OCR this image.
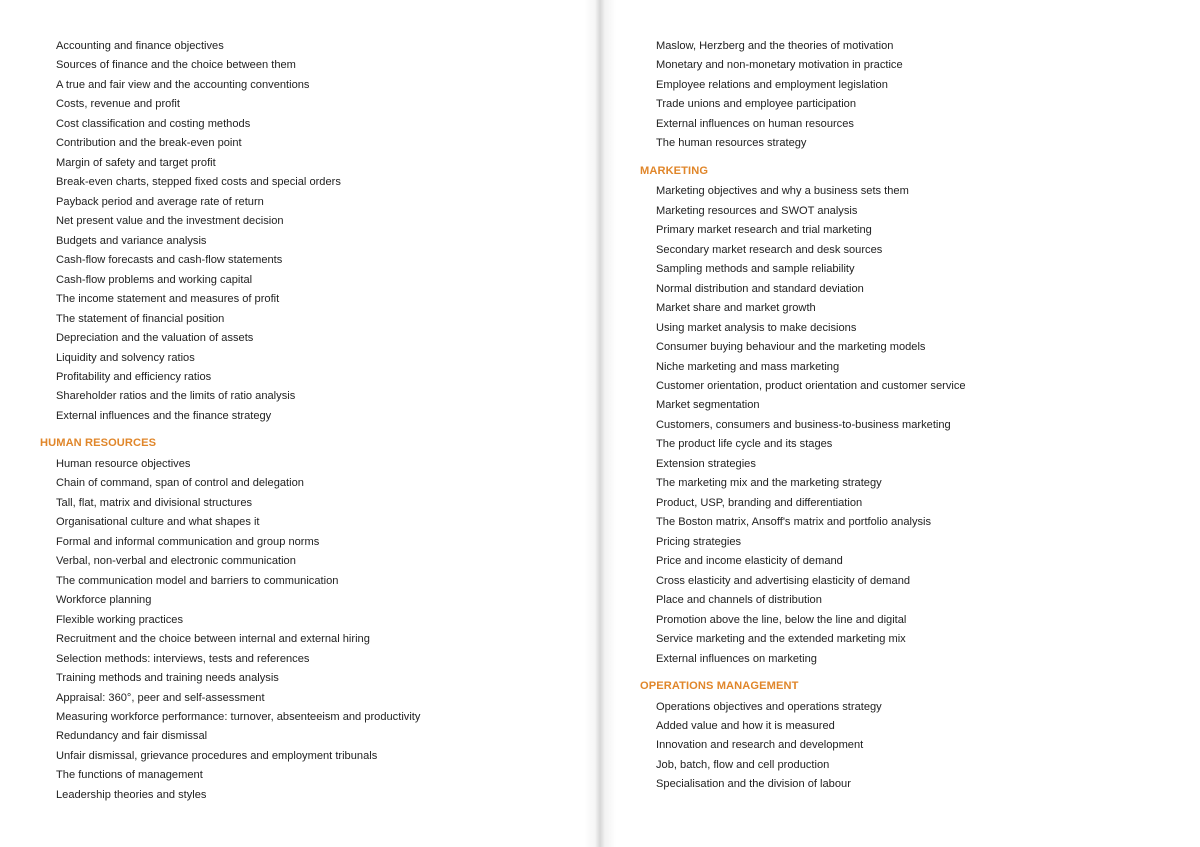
Accounting and finance objectives
Sources of finance and the choice between them
A true and fair view and the accounting conventions
Costs, revenue and profit
Cost classification and costing methods
Contribution and the break-even point
Margin of safety and target profit
Break-even charts, stepped fixed costs and special orders
Payback period and average rate of return
Net present value and the investment decision
Budgets and variance analysis
Cash-flow forecasts and cash-flow statements
Cash-flow problems and working capital
The income statement and measures of profit
The statement of financial position
Depreciation and the valuation of assets
Liquidity and solvency ratios
Profitability and efficiency ratios
Shareholder ratios and the limits of ratio analysis
External influences and the finance strategy
HUMAN RESOURCES
Human resource objectives
Chain of command, span of control and delegation
Tall, flat, matrix and divisional structures
Organisational culture and what shapes it
Formal and informal communication and group norms
Verbal, non-verbal and electronic communication
The communication model and barriers to communication
Workforce planning
Flexible working practices
Recruitment and the choice between internal and external hiring
Selection methods: interviews, tests and references
Training methods and training needs analysis
Appraisal: 360°, peer and self-assessment
Measuring workforce performance: turnover, absenteeism and productivity
Redundancy and fair dismissal
Unfair dismissal, grievance procedures and employment tribunals
The functions of management
Leadership theories and styles
Maslow, Herzberg and the theories of motivation
Monetary and non-monetary motivation in practice
Employee relations and employment legislation
Trade unions and employee participation
External influences on human resources
The human resources strategy
MARKETING
Marketing objectives and why a business sets them
Marketing resources and SWOT analysis
Primary market research and trial marketing
Secondary market research and desk sources
Sampling methods and sample reliability
Normal distribution and standard deviation
Market share and market growth
Using market analysis to make decisions
Consumer buying behaviour and the marketing models
Niche marketing and mass marketing
Customer orientation, product orientation and customer service
Market segmentation
Customers, consumers and business-to-business marketing
The product life cycle and its stages
Extension strategies
The marketing mix and the marketing strategy
Product, USP, branding and differentiation
The Boston matrix, Ansoff's matrix and portfolio analysis
Pricing strategies
Price and income elasticity of demand
Cross elasticity and advertising elasticity of demand
Place and channels of distribution
Promotion above the line, below the line and digital
Service marketing and the extended marketing mix
External influences on marketing
OPERATIONS MANAGEMENT
Operations objectives and operations strategy
Added value and how it is measured
Innovation and research and development
Job, batch, flow and cell production
Specialisation and the division of labour
